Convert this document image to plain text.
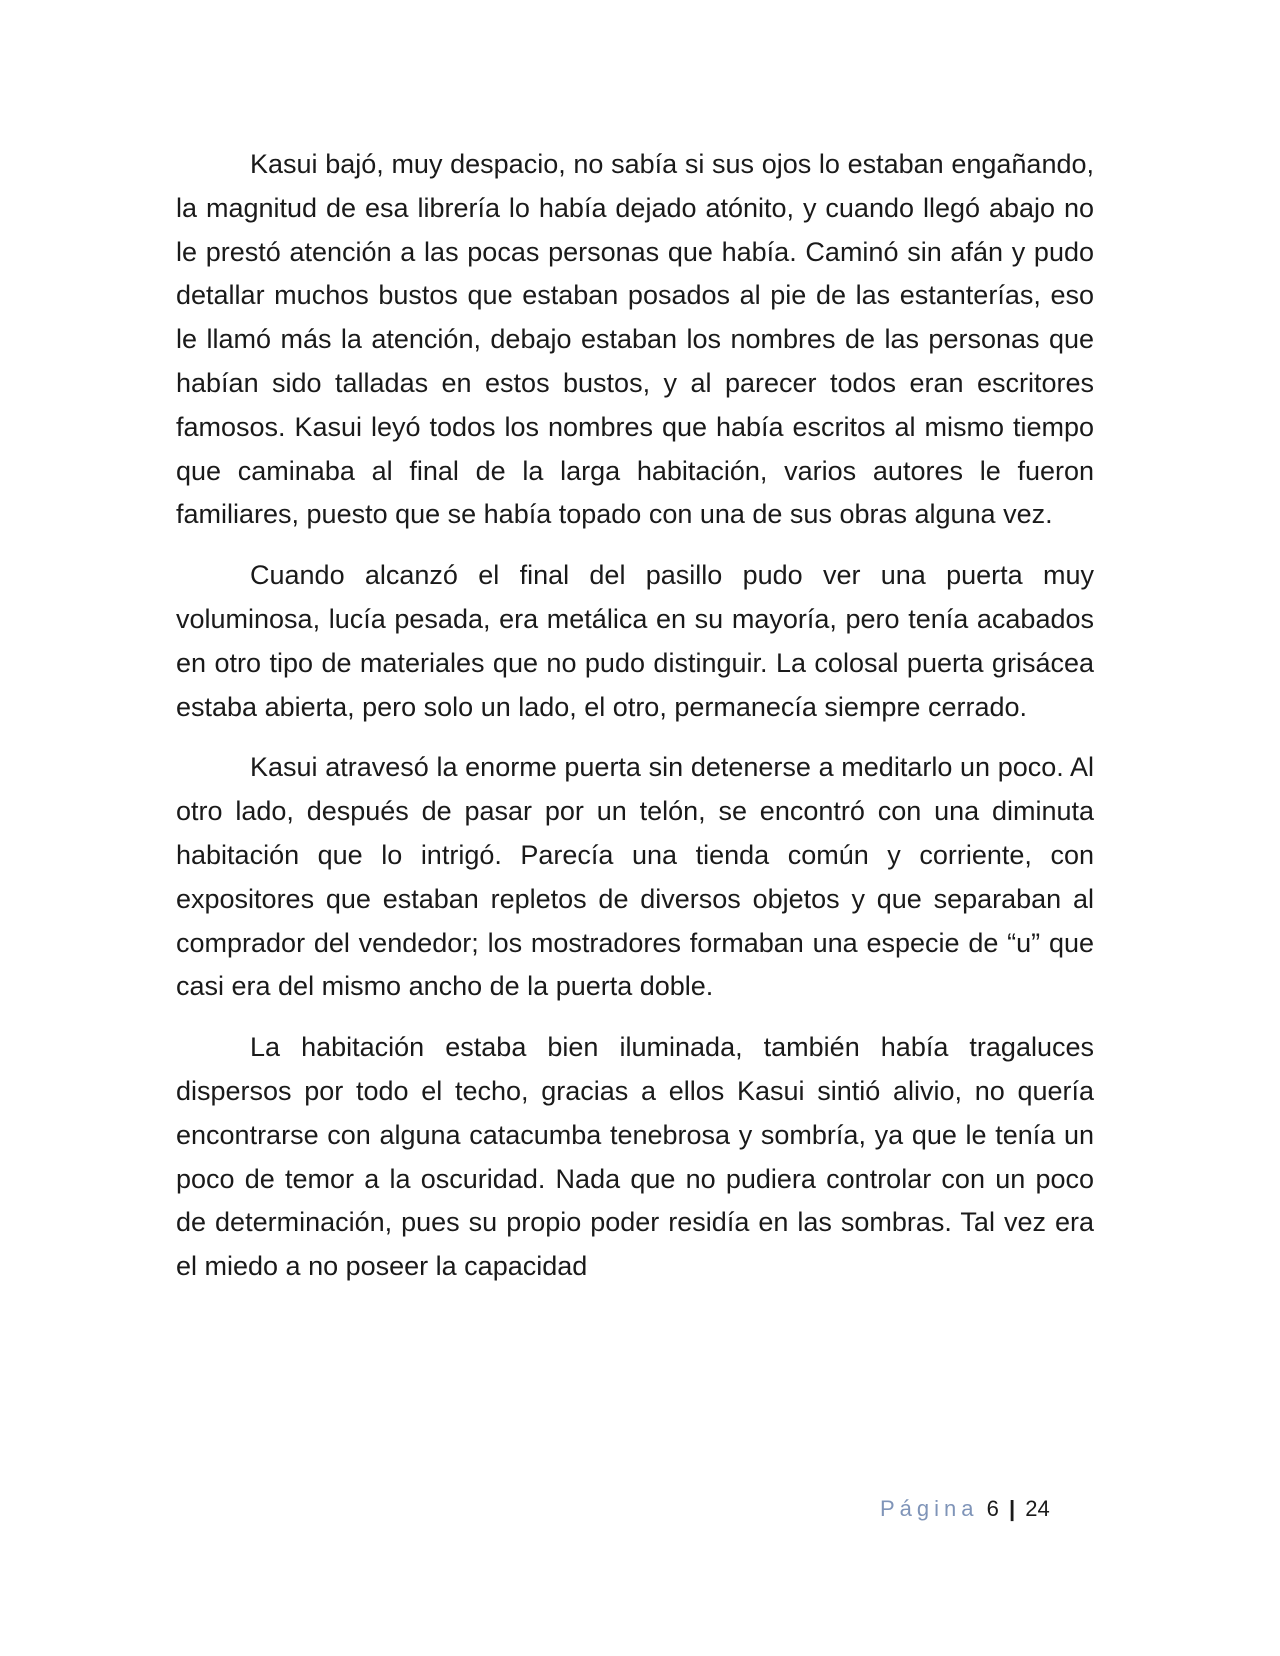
Kasui bajó, muy despacio, no sabía si sus ojos lo estaban engañando, la magnitud de esa librería lo había dejado atónito, y cuando llegó abajo no le prestó atención a las pocas personas que había. Caminó sin afán y pudo detallar muchos bustos que estaban posados al pie de las estanterías, eso le llamó más la atención, debajo estaban los nombres de las personas que habían sido talladas en estos bustos, y al parecer todos eran escritores famosos. Kasui leyó todos los nombres que había escritos al mismo tiempo que caminaba al final de la larga habitación, varios autores le fueron familiares, puesto que se había topado con una de sus obras alguna vez.

Cuando alcanzó el final del pasillo pudo ver una puerta muy voluminosa, lucía pesada, era metálica en su mayoría, pero tenía acabados en otro tipo de materiales que no pudo distinguir. La colosal puerta grisácea estaba abierta, pero solo un lado, el otro, permanecía siempre cerrado.

Kasui atravesó la enorme puerta sin detenerse a meditarlo un poco. Al otro lado, después de pasar por un telón, se encontró con una diminuta habitación que lo intrigó. Parecía una tienda común y corriente, con expositores que estaban repletos de diversos objetos y que separaban al comprador del vendedor; los mostradores formaban una especie de “u” que casi era del mismo ancho de la puerta doble.

La habitación estaba bien iluminada, también había tragaluces dispersos por todo el techo, gracias a ellos Kasui sintió alivio, no quería encontrarse con alguna catacumba tenebrosa y sombría, ya que le tenía un poco de temor a la oscuridad. Nada que no pudiera controlar con un poco de determinación, pues su propio poder residía en las sombras. Tal vez era el miedo a no poseer la capacidad

Página 6 | 24
